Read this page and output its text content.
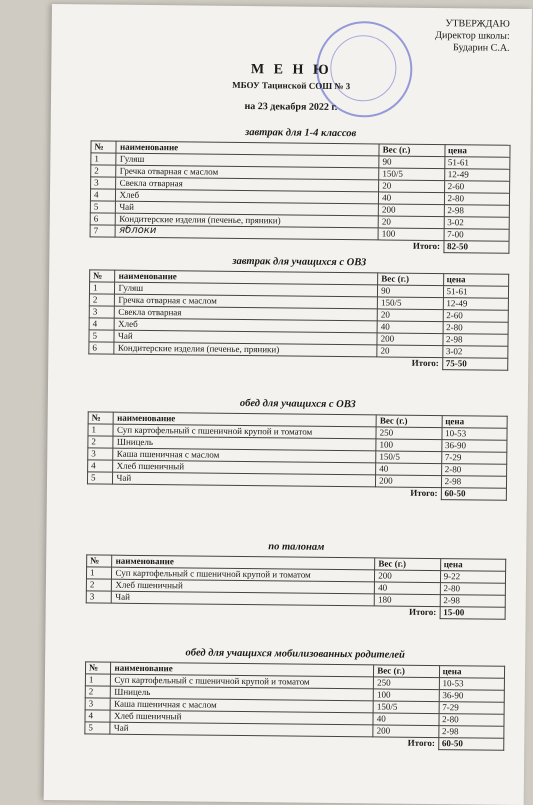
УТВЕРЖДАЮ
Директор школы:
Бударин С.А.
М Е Н Ю
МБОУ Тацинской СОШ № 3
на 23 декабря 2022 г.
завтрак для 1-4 классов			
№	наименование	Вес (г.)	цена
1	Гуляш	90	51-61
2	Гречка отварная с маслом	150/5	12-49
3	Свекла отварная	20	2-60
4	Хлеб	40	2-80
5	Чай	200	2-98
6	Кондитерские изделия (печенье, пряники)	20	3-02
7	яблоки	100	7-00
		Итого:	82-50
завтрак для учащихся с ОВЗ			
№	наименование	Вес (г.)	цена
1	Гуляш	90	51-61
2	Гречка отварная с маслом	150/5	12-49
3	Свекла отварная	20	2-60
4	Хлеб	40	2-80
5	Чай	200	2-98
6	Кондитерские изделия (печенье, пряники)	20	3-02
		Итого:	75-50
обед для учащихся с ОВЗ			
№	наименование	Вес (г.)	цена
1	Суп картофельный с пшеничной крупой и томатом	250	10-53
2	Шницель	100	36-90
3	Каша пшеничная с маслом	150/5	7-29
4	Хлеб пшеничный	40	2-80
5	Чай	200	2-98
		Итого:	60-50
по талонам			
№	наименование	Вес (г.)	цена
1	Суп картофельный с пшеничной крупой и томатом	200	9-22
2	Хлеб пшеничный	40	2-80
3	Чай	180	2-98
		Итого:	15-00
обед для учащихся мобилизованных родителей			
№	наименование	Вес (г.)	цена
1	Суп картофельный с пшеничной крупой и томатом	250	10-53
2	Шницель	100	36-90
3	Каша пшеничная с маслом	150/5	7-29
4	Хлеб пшеничный	40	2-80
5	Чай	200	2-98
		Итого:	60-50
